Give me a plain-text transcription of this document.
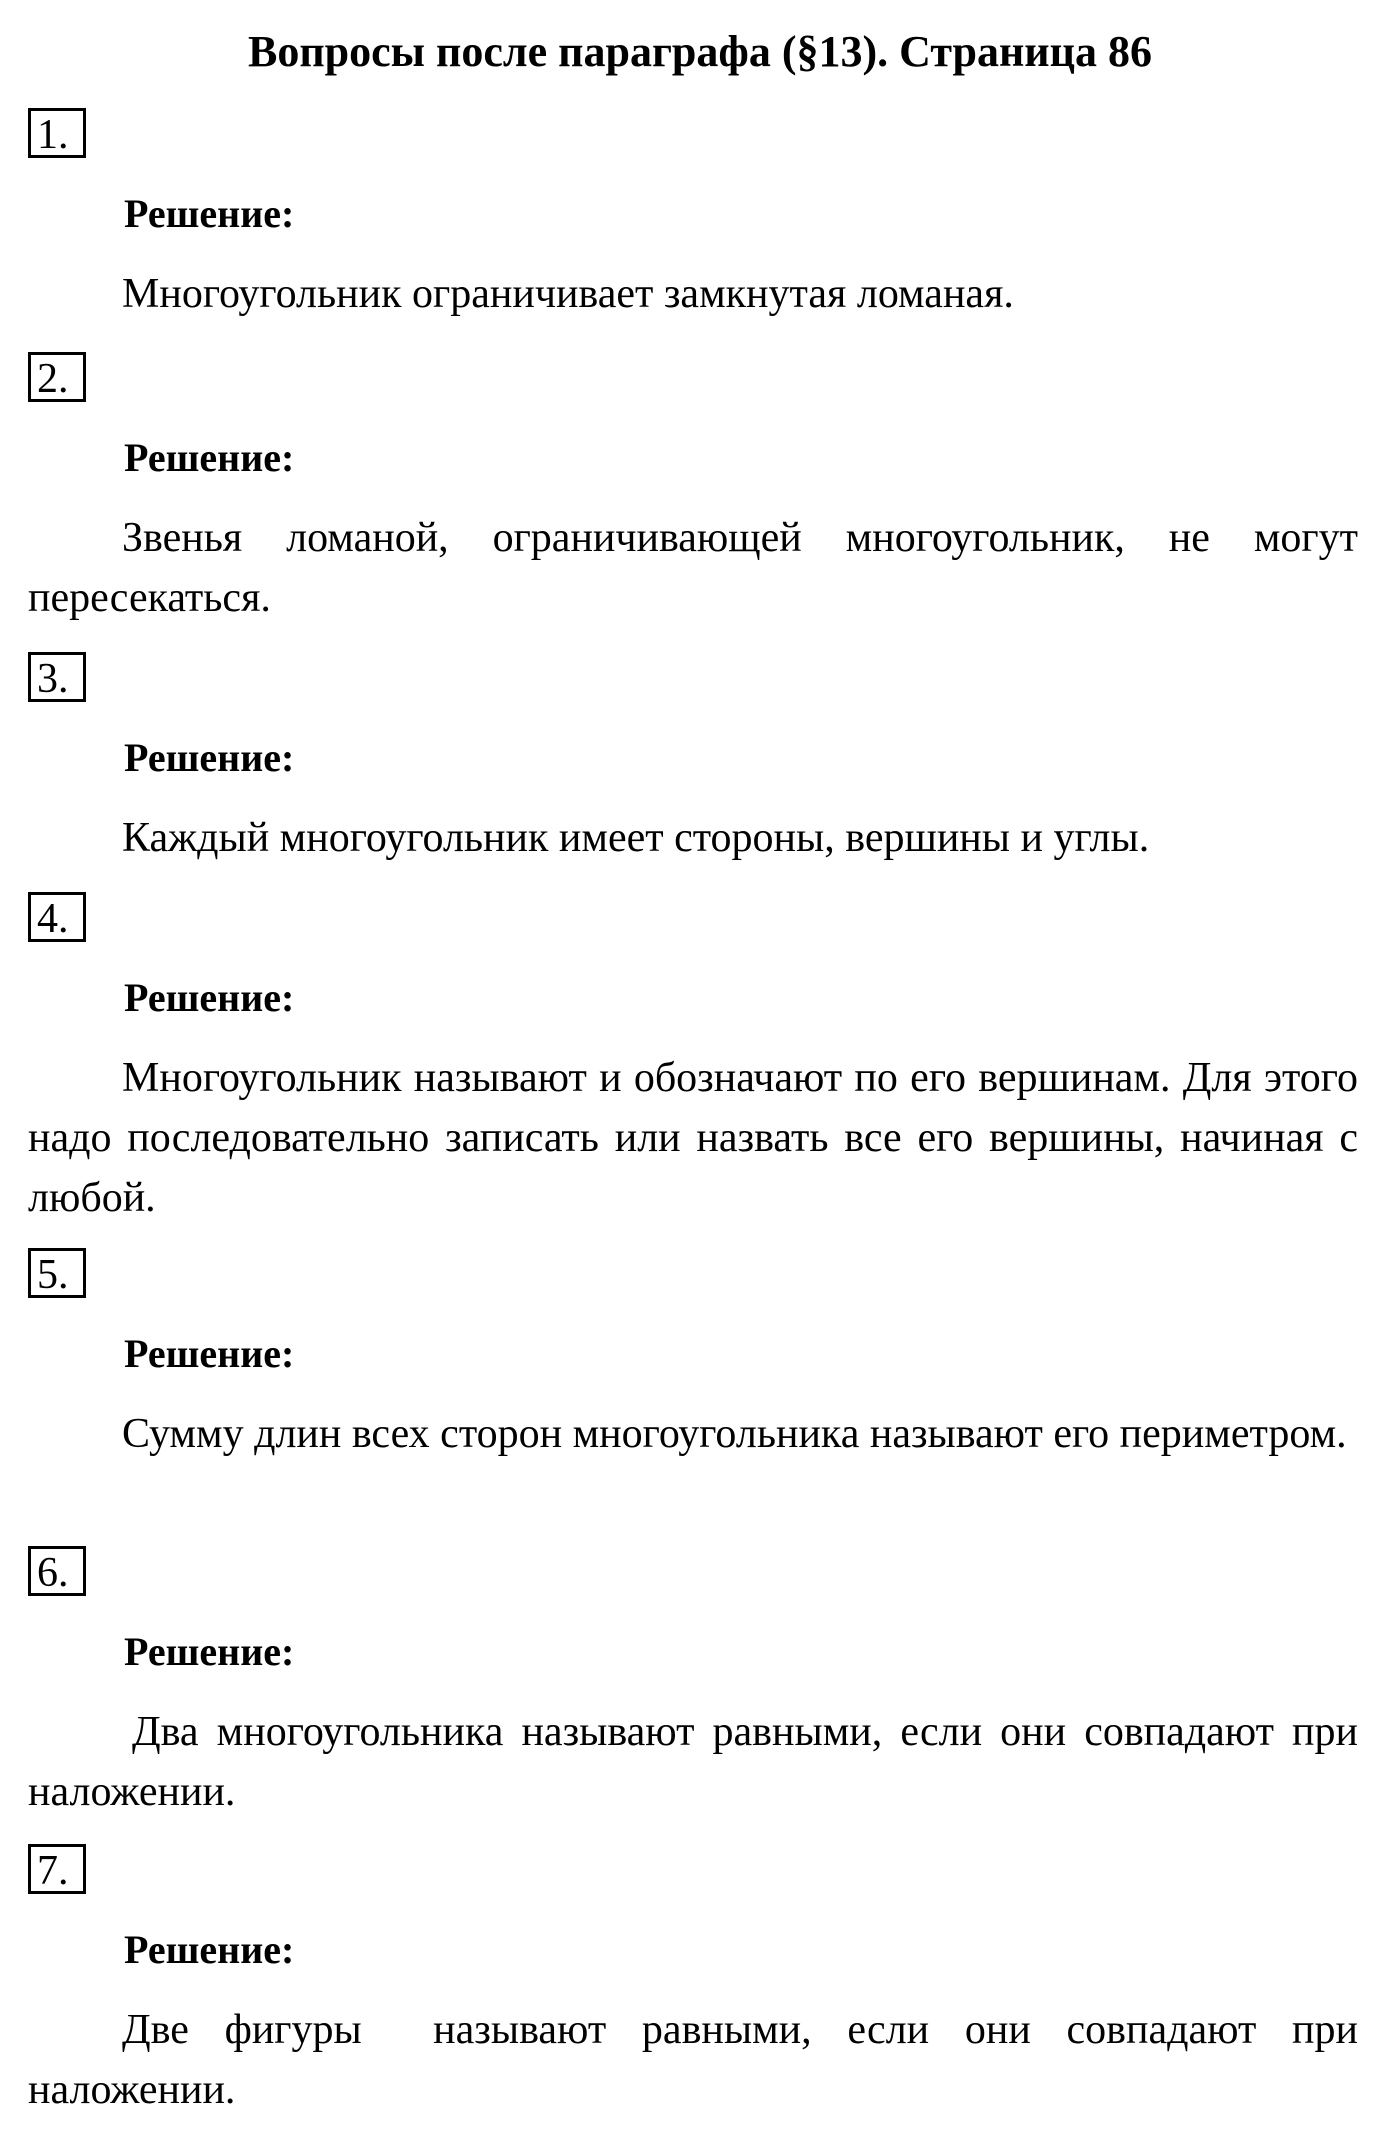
Вопросы после параграфа (§13). Страница 86
1.
Решение:
Многоугольник ограничивает замкнутая ломаная.
2.
Решение:
Звенья ломаной, ограничивающей многоугольник, не могут пересекаться.
3.
Решение:
Каждый многоугольник имеет стороны, вершины и углы.
4.
Решение:
Многоугольник называют и обозначают по его вершинам. Для этого надо последовательно записать или назвать все его вершины, начиная с любой.
5.
Решение:
Сумму длин всех сторон многоугольника называют его периметром.
6.
Решение:
Два многоугольника называют равными, если они совпадают при наложении.
7.
Решение:
Две фигуры  называют равными, если они совпадают при наложении.
